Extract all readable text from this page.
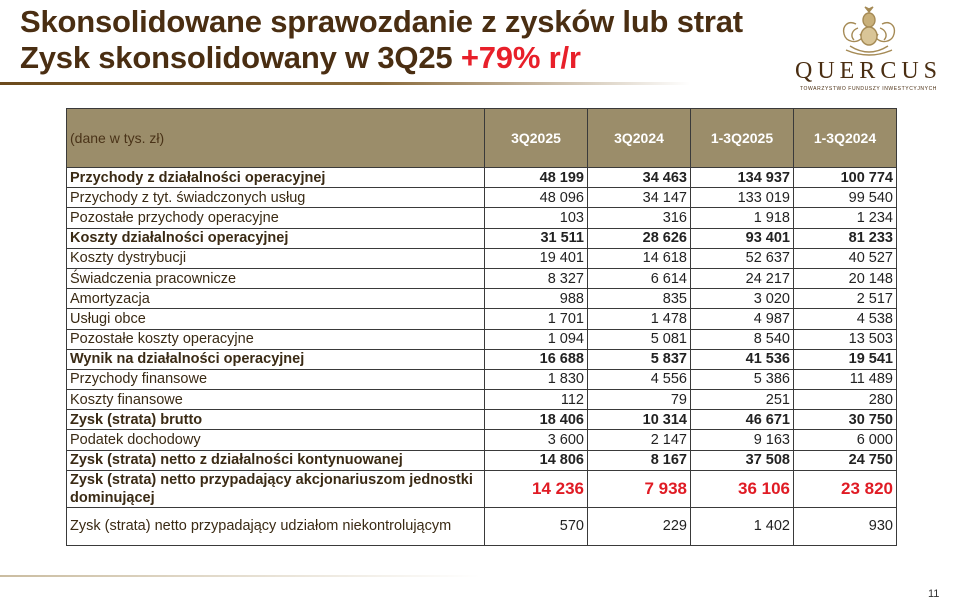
Skonsolidowane sprawozdanie z zysków lub strat
Zysk skonsolidowany w 3Q25 +79% r/r	QUERCUS
TOWARZYSTWO FUNDUSZY INWESTYCYJNYCH
(dane w tys. zł)	3Q2025	3Q2024	1-3Q2025	1-3Q2024
Przychody z działalności operacyjnej	48 199	34 463	134 937	100 774
Przychody z tyt. świadczonych usług	48 096	34 147	133 019	99 540
Pozostałe przychody operacyjne	103	316	1 918	1 234
Koszty działalności operacyjnej	31 511	28 626	93 401	81 233
Koszty dystrybucji	19 401	14 618	52 637	40 527
Świadczenia pracownicze	8 327	6 614	24 217	20 148
Amortyzacja	988	835	3 020	2 517
Usługi obce	1 701	1 478	4 987	4 538
Pozostałe koszty operacyjne	1 094	5 081	8 540	13 503
Wynik na działalności operacyjnej	16 688	5 837	41 536	19 541
Przychody finansowe	1 830	4 556	5 386	11 489
Koszty finansowe	112	79	251	280
Zysk (strata) brutto	18 406	10 314	46 671	30 750
Podatek dochodowy	3 600	2 147	9 163	6 000
Zysk (strata) netto z działalności kontynuowanej	14 806	8 167	37 508	24 750
Zysk (strata) netto przypadający akcjonariuszom jednostki dominującej	14 236	7 938	36 106	23 820
Zysk (strata) netto przypadający udziałom niekontrolującym	570	229	1 402	930
11
